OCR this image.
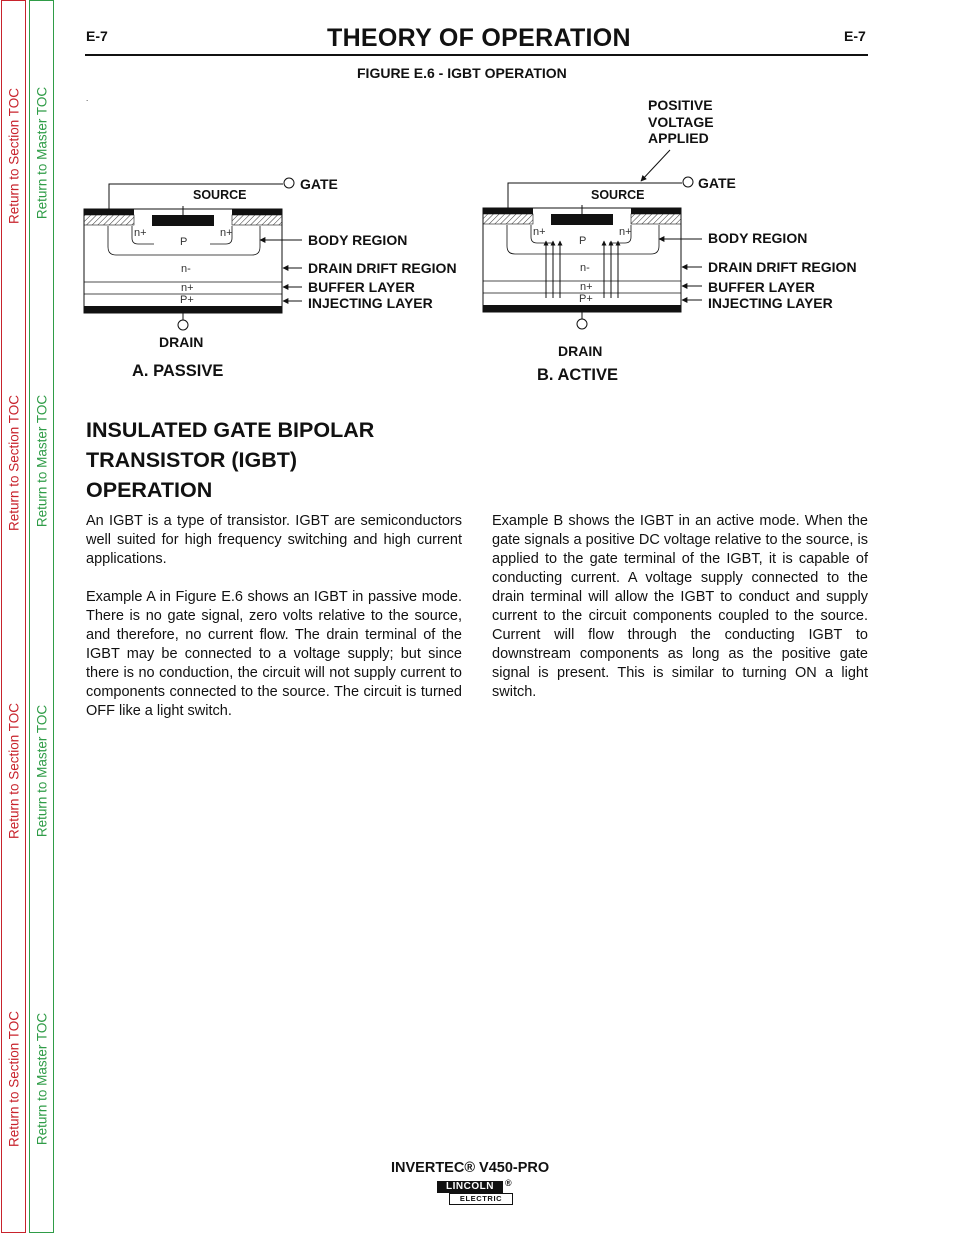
Return to Section TOC
Return to Section TOC
Return to Section TOC
Return to Section TOC
Return to Master TOC
Return to Master TOC
Return to Master TOC
Return to Master TOC
E-7	THEORY OF OPERATION	E-7
FIGURE E.6 - IGBT OPERATION
.
SOURCE
n+	n+
P
n-
n+
P+
GATE
BODY REGION
DRAIN DRIFT REGION
BUFFER LAYER
INJECTING LAYER
DRAIN
A. PASSIVE
POSITIVE
VOLTAGE
APPLIED
SOURCE
n+	n+
P
n-
n+
P+
GATE
BODY REGION
DRAIN DRIFT REGION
BUFFER LAYER
INJECTING LAYER
DRAIN
B. ACTIVE
INSULATED GATE BIPOLAR
TRANSISTOR (IGBT)
OPERATION

An IGBT is a type of transistor. IGBT are semiconductors well suited for high frequency switching and high current applications.

Example A in Figure E.6 shows an IGBT in passive mode. There is no gate signal, zero volts relative to the source, and therefore, no current flow. The drain terminal of the IGBT may be connected to a voltage supply; but since there is no conduction, the circuit will not supply current to components connected to the source. The circuit is turned OFF like a light switch.

Example B shows the IGBT in an active mode. When the gate signals a positive DC voltage relative to the source, is applied to the gate terminal of the IGBT, it is capable of conducting current. A voltage supply connected to the drain terminal will allow the IGBT to conduct and supply current to the circuit components coupled to the source. Current will flow through the conducting IGBT to downstream components as long as the positive gate signal is present. This is similar to turning ON a light switch.

INVERTEC® V450-PRO
LINCOLN
ELECTRIC
®
